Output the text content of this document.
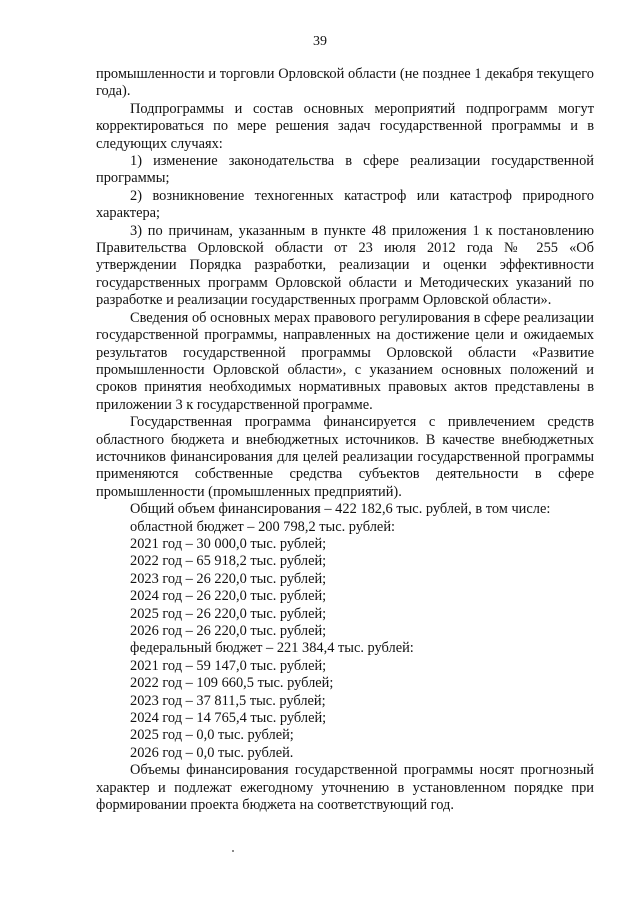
39

промышленности и торговли Орловской области (не позднее 1 декабря текущего года).

Подпрограммы и состав основных мероприятий подпрограмм могут корректироваться по мере решения задач государственной программы и в следующих случаях:

1) изменение законодательства в сфере реализации государственной программы;

2) возникновение техногенных катастроф или катастроф природного характера;

3) по причинам, указанным в пункте 48 приложения 1 к постановлению Правительства Орловской области от 23 июля 2012 года № 255 «Об утверждении Порядка разработки, реализации и оценки эффективности государственных программ Орловской области и Методических указаний по разработке и реализации государственных программ Орловской области».

Сведения об основных мерах правового регулирования в сфере реализации государственной программы, направленных на достижение цели и ожидаемых результатов государственной программы Орловской области «Развитие промышленности Орловской области», с указанием основных положений и сроков принятия необходимых нормативных правовых актов представлены в приложении 3 к государственной программе.

Государственная программа финансируется с привлечением средств областного бюджета и внебюджетных источников. В качестве внебюджетных источников финансирования для целей реализации государственной программы применяются собственные средства субъектов деятельности в сфере промышленности (промышленных предприятий).

Общий объем финансирования – 422 182,6 тыс. рублей, в том числе:

областной бюджет – 200 798,2 тыс. рублей:

2021 год – 30 000,0 тыс. рублей;

2022 год – 65 918,2 тыс. рублей;

2023 год – 26 220,0 тыс. рублей;

2024 год – 26 220,0 тыс. рублей;

2025 год – 26 220,0 тыс. рублей;

2026 год – 26 220,0 тыс. рублей;

федеральный бюджет – 221 384,4 тыс. рублей:

2021 год – 59 147,0 тыс. рублей;

2022 год – 109 660,5 тыс. рублей;

2023 год – 37 811,5 тыс. рублей;

2024 год – 14 765,4 тыс. рублей;

2025 год – 0,0 тыс. рублей;

2026 год – 0,0 тыс. рублей.

Объемы финансирования государственной программы носят прогнозный характер и подлежат ежегодному уточнению в установленном порядке при формировании проекта бюджета на соответствующий год.
